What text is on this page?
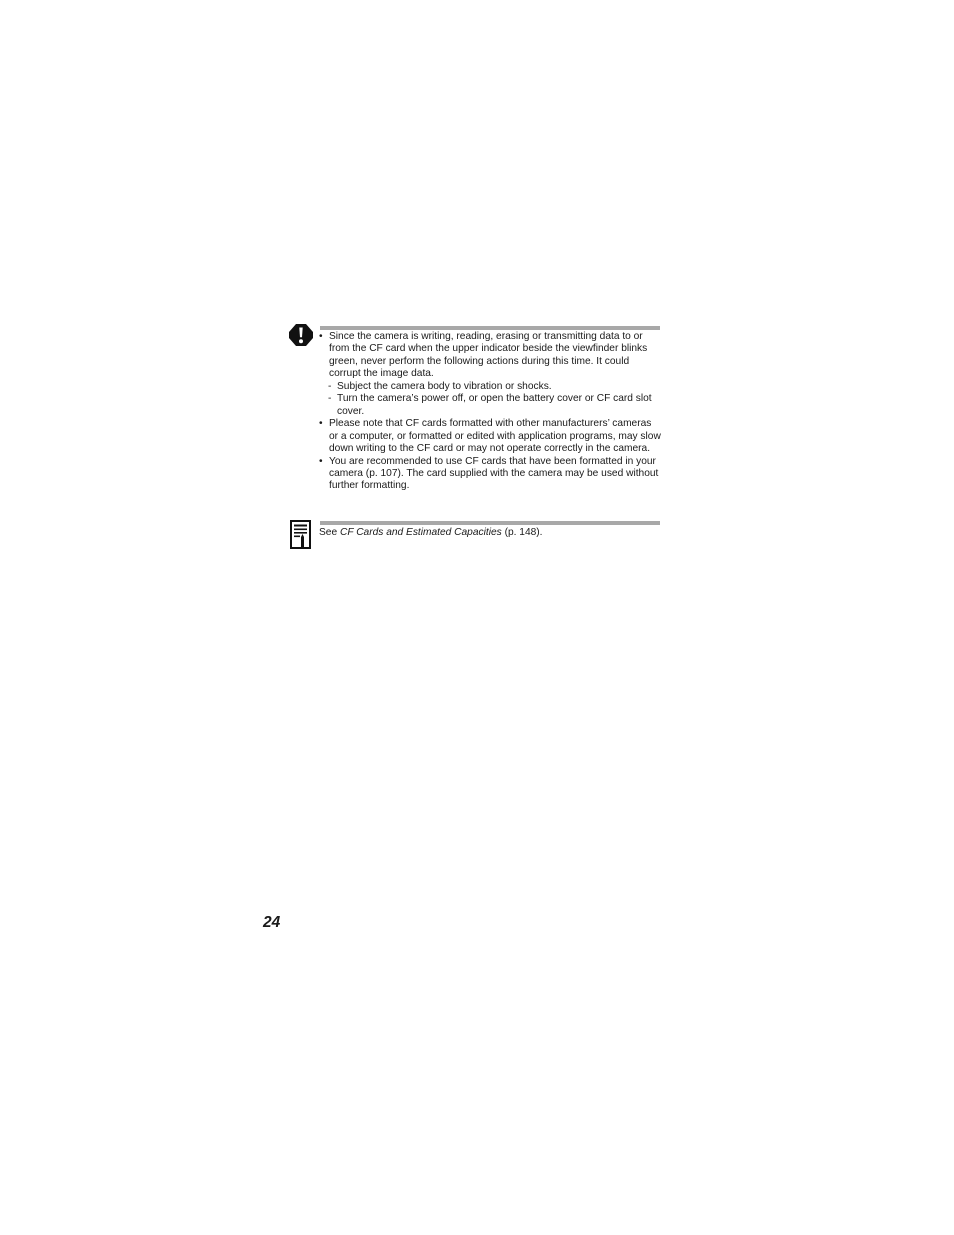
• Since the camera is writing, reading, erasing or transmitting data to or from the CF card when the upper indicator beside the viewfinder blinks green, never perform the following actions during this time. It could corrupt the image data.

- Subject the camera body to vibration or shocks.

- Turn the camera’s power off, or open the battery cover or CF card slot cover.

• Please note that CF cards formatted with other manufacturers’ cameras or a computer, or formatted or edited with application programs, may slow down writing to the CF card or may not operate correctly in the camera.

• You are recommended to use CF cards that have been formatted in your camera (p. 107). The card supplied with the camera may be used without further formatting.

See CF Cards and Estimated Capacities (p. 148).
24
